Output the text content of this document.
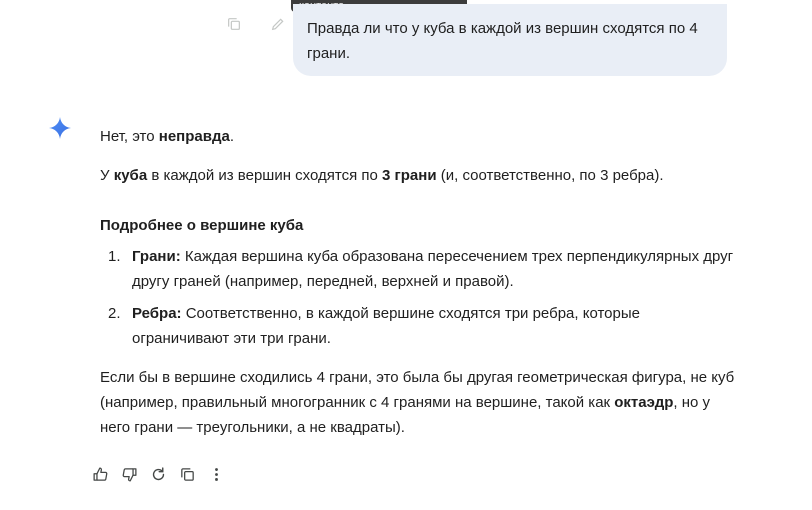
Правда ли что у куба в каждой из вершин сходятся по 4 грани.

Нет, это неправда.

У куба в каждой из вершин сходятся по 3 грани (и, соответственно, по 3 ребра).

Подробнее о вершине куба

1. Грани: Каждая вершина куба образована пересечением трех перпендикулярных друг другу граней (например, передней, верхней и правой).
2. Ребра: Соответственно, в каждой вершине сходятся три ребра, которые ограничивают эти три грани.

Если бы в вершине сходились 4 грани, это была бы другая геометрическая фигура, не куб (например, правильный многогранник с 4 гранями на вершине, такой как октаэдр, но у него грани — треугольники, а не квадраты).
